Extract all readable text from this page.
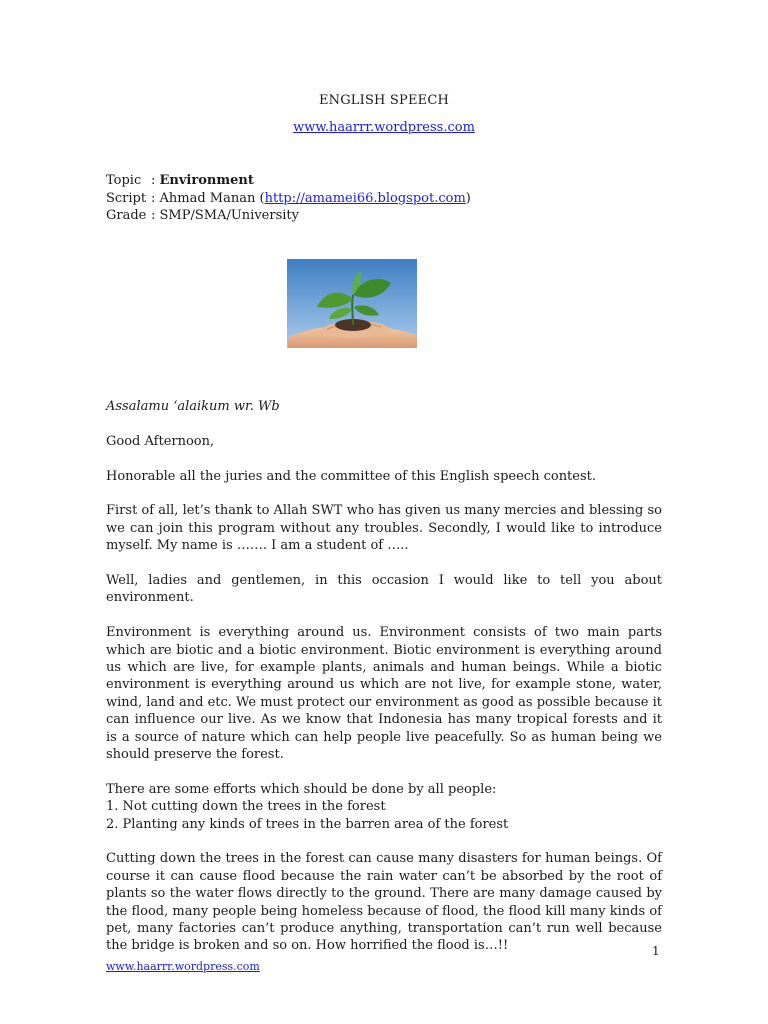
ENGLISH SPEECH
www.haarrr.wordpress.com
Topic : Environment
Script : Ahmad Manan (http://amamei66.blogspot.com)
Grade : SMP/SMA/University

Assalamu ‘alaikum wr. Wb

Good Afternoon,

Honorable all the juries and the committee of this English speech contest.

First of all, let’s thank to Allah SWT who has given us many mercies and blessing so we can join this program without any troubles. Secondly, I would like to introduce myself. My name is ……. I am a student of …..

Well, ladies and gentlemen, in this occasion I would like to tell you about environment.

Environment is everything around us. Environment consists of two main parts which are biotic and a biotic environment. Biotic environment is everything around us which are live, for example plants, animals and human beings. While a biotic environment is everything around us which are not live, for example stone, water, wind, land and etc. We must protect our environment as good as possible because it can influence our live. As we know that Indonesia has many tropical forests and it is a source of nature which can help people live peacefully. So as human being we should preserve the forest.

There are some efforts which should be done by all people:

1. Not cutting down the trees in the forest

2. Planting any kinds of trees in the barren area of the forest

Cutting down the trees in the forest can cause many disasters for human beings. Of course it can cause flood because the rain water can’t be absorbed by the root of plants so the water flows directly to the ground. There are many damage caused by the flood, many people being homeless because of flood, the flood kill many kinds of pet, many factories can’t produce anything, transportation can’t run well because the bridge is broken and so on. How horrified the flood is…!!	1
www.haarrr.wordpress.com
